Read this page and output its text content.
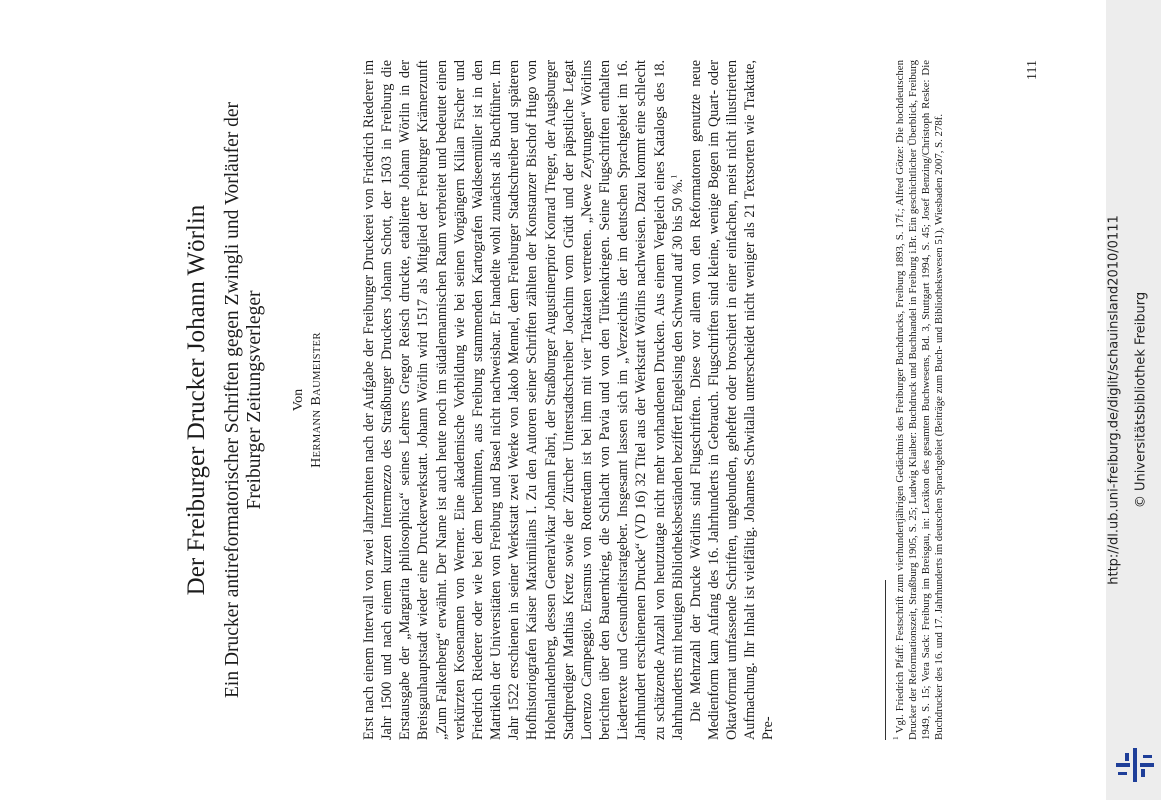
Der Freiburger Drucker Johann Wörlin Ein Drucker antireformatorischer Schriften gegen Zwingli und Vorläufer der
Freiburger Zeitungsverleger Von
HERMANN BAUMEISTER	Erst nach einem Intervall von zwei Jahrzehnten nach der Aufgabe der Freiburger Druckerei von Friedrich Riederer im Jahr 1500 und nach einem kurzen Intermezzo des Straßburger Druckers Johann Schott, der 1503 in Freiburg die Erstausgabe der „Margarita philosophica“ seines Lehrers Gregor Reisch druckte, etablierte Johann Wörlin in der Breisgauhauptstadt wieder eine Druckerwerkstatt. Johann Wörlin wird 1517 als Mitglied der Freiburger Krämerzunft „Zum Falkenberg“ erwähnt. Der Name ist auch heute noch im südalemannischen Raum verbreitet und bedeutet einen verkürzten Kosenamen von Werner. Eine akademische Vorbildung wie bei seinen Vorgängern Kilian Fischer und Friedrich Riederer oder wie bei dem berühmten, aus Freiburg stammenden Kartografen Waldseemüller ist in den Matrikeln der Universitäten von Freiburg und Basel nicht nachweisbar. Er handelte wohl zunächst als Buchführer. Im Jahr 1522 erschienen in seiner Werkstatt zwei Werke von Jakob Mennel, dem Freiburger Stadtschreiber und späteren Hofhistoriografen Kaiser Maximilians I. Zu den Autoren seiner Schriften zählten der Konstanzer Bischof Hugo von Hohenlandenberg, dessen Generalvikar Johann Fabri, der Straßburger Augustinerprior Konrad Treger, der Augsburger Stadtprediger Mathias Kretz sowie der Zürcher Unterstadtschreiber Joachim vom Grüdt und der päpstliche Legat Lorenzo Campeggio. Erasmus von Rotterdam ist bei ihm mit vier Traktaten vertreten. „Newe Zeytungen“ Wörlins berichten über den Bauernkrieg, die Schlacht von Pavia und von den Türkenkriegen. Seine Flugschriften enthalten Liedertexte und Gesundheitsratgeber. Insgesamt lassen sich im „Verzeichnis der im deutschen Sprachgebiet im 16. Jahrhundert erschienenen Drucke“ (VD 16) 32 Titel aus der Werkstatt Wörlins nachweisen. Dazu kommt eine schlecht zu schätzende Anzahl von heutzutage nicht mehr vorhandenen Drucken. Aus einem Vergleich eines Katalogs des 18. Jahrhunderts mit heutigen Bibliotheksbeständen beziffert Engelsing den Schwund auf 30 bis 50 %.$^1$ Die Mehrzahl der Drucke Wörlins sind Flugschriften. Diese vor allem von den Reformatoren genutzte neue Medienform kam Anfang des 16. Jahrhunderts in Gebrauch. Flugschriften sind kleine, wenige Bogen im Quart- oder Oktavformat umfassende Schriften, ungebunden, geheftet oder broschiert in einer einfachen, meist nicht illustrierten Aufmachung. Ihr Inhalt ist vielfältig. Johannes Schwitalla unterscheidet nicht weniger als 21 Textsorten wie Traktate, Pre-	$^1$Vgl. Friedrich Pfaff: Festschrift zum vierhundertjährigen Gedächtnis des Freiburger Buchdrucks, Freiburg 1893, S. 17f.; Alfred Götze: Die hochdeutschen Drucker der Reformationszeit, Straßburg 1905, S. 25; Ludwig Klaiber: Buchdruck und Buchhandel in Freiburg i.Br. Ein geschichtlicher Überblick, Freiburg 1949, S. 15; Vera Sack: Freiburg im Breisgau, in: Lexikon des gesamten Buchwesens, Bd. 3, Stuttgart 1994, S. 45; Josef Benzing/Christoph Reske: Die Buchdrucker des 16. und 17. Jahrhunderts im deutschen Sprachgebiet (Beiträge zum Buch- und Bibliothekswesen 51), Wiesbaden 2007, S. 278f.
111
http://dl.ub.uni-freiburg.de/diglit/schauinsland2010/0111 © Universitätsbibliothek Freiburg
